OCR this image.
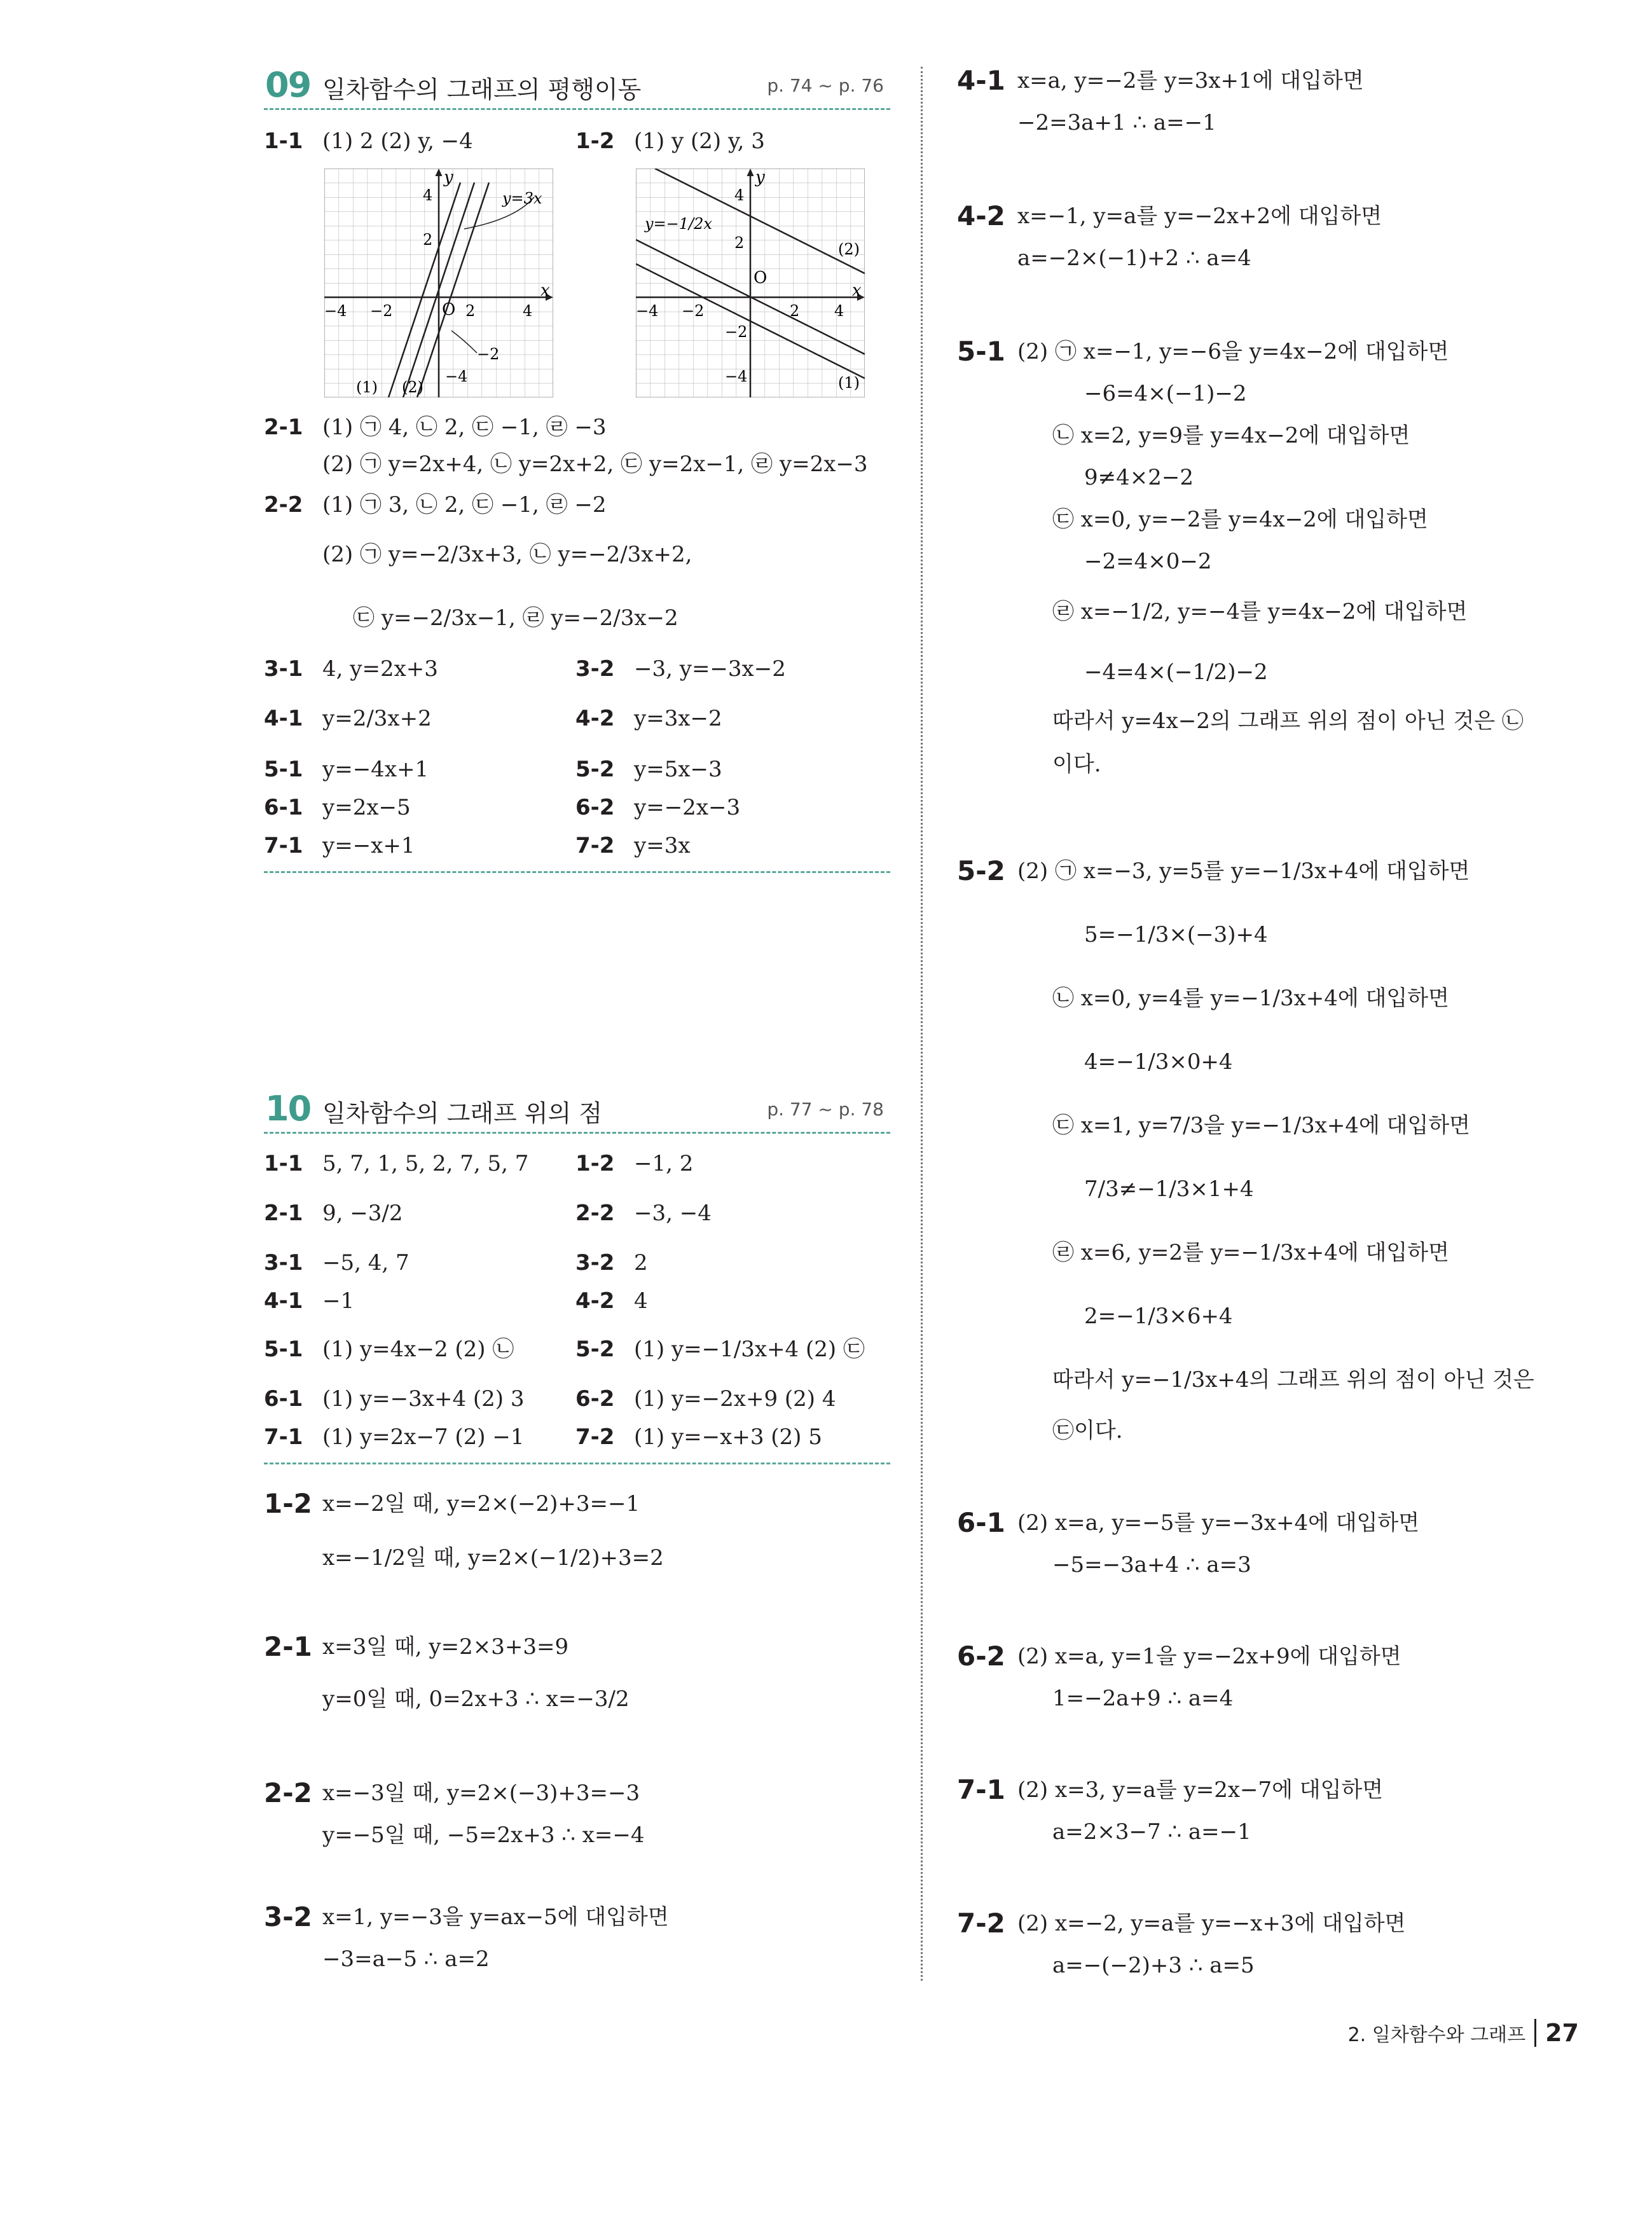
09 일차함수의 그래프의 평행이동	p. 74 ~ p. 76
1-1 (1) 2 (2) y, −4	1-2 (1) y (2) y, 3
y
x
O
y=3x
(1) (2)
−4 −2	2	4
4
2
−2
−4
y
x
O
y=−1/2x
(1)
(2)
−4 −2	2 4
4
2
−2
−4
2-1 (1) ㉠ 4, ㉡ 2, ㉢ −1, ㉣ −3
(2) ㉠ y=2x+4, ㉡ y=2x+2, ㉢ y=2x−1, ㉣ y=2x−3
2-2 (1) ㉠ 3, ㉡ 2, ㉢ −1, ㉣ −2
(2) ㉠ y=−2/3x+3, ㉡ y=−2/3x+2,
㉢ y=−2/3x−1, ㉣ y=−2/3x−2
3-1 4, y=2x+3	3-2 −3, y=−3x−2
4-1 y=2/3x+2	4-2 y=3x−2
5-1 y=−4x+1	5-2 y=5x−3
6-1 y=2x−5	6-2 y=−2x−3
7-1 y=−x+1	7-2 y=3x
10 일차함수의 그래프 위의 점	p. 77 ~ p. 78
1-1 5, 7, 1, 5, 2, 7, 5, 7 1-2 −1, 2
2-1 9, −3/2	2-2 −3, −4
3-1 −5, 4, 7	3-2 2
4-1 −1	4-2 4
5-1 (1) y=4x−2 (2) ㉡	5-2 (1) y=−1/3x+4 (2) ㉢
6-1 (1) y=−3x+4 (2) 3 6-2 (1) y=−2x+9 (2) 4
7-1 (1) y=2x−7 (2) −1 7-2 (1) y=−x+3 (2) 5
1-2 x=−2일 때, y=2×(−2)+3=−1
x=−1/2일 때, y=2×(−1/2)+3=2
2-1 x=3일 때, y=2×3+3=9
y=0일 때, 0=2x+3 ∴ x=−3/2
2-2 x=−3일 때, y=2×(−3)+3=−3
y=−5일 때, −5=2x+3 ∴ x=−4
3-2 x=1, y=−3을 y=ax−5에 대입하면
−3=a−5 ∴ a=2
4-1 x=a, y=−2를 y=3x+1에 대입하면
−2=3a+1 ∴ a=−1
4-2 x=−1, y=a를 y=−2x+2에 대입하면
a=−2×(−1)+2 ∴ a=4
5-1 (2) ㉠ x=−1, y=−6을 y=4x−2에 대입하면
−6=4×(−1)−2
㉡ x=2, y=9를 y=4x−2에 대입하면
9≠4×2−2
㉢ x=0, y=−2를 y=4x−2에 대입하면
−2=4×0−2
㉣ x=−1/2, y=−4를 y=4x−2에 대입하면
−4=4×(−1/2)−2
따라서 y=4x−2의 그래프 위의 점이 아닌 것은 ㉡
이다.
5-2 (2) ㉠ x=−3, y=5를 y=−1/3x+4에 대입하면
5=−1/3×(−3)+4
㉡ x=0, y=4를 y=−1/3x+4에 대입하면
4=−1/3×0+4
㉢ x=1, y=7/3을 y=−1/3x+4에 대입하면
7/3≠−1/3×1+4
㉣ x=6, y=2를 y=−1/3x+4에 대입하면
2=−1/3×6+4
따라서 y=−1/3x+4의 그래프 위의 점이 아닌 것은
㉢이다.
6-1 (2) x=a, y=−5를 y=−3x+4에 대입하면
−5=−3a+4 ∴ a=3
6-2 (2) x=a, y=1을 y=−2x+9에 대입하면
1=−2a+9 ∴ a=4
7-1 (2) x=3, y=a를 y=2x−7에 대입하면
a=2×3−7 ∴ a=−1
7-2 (2) x=−2, y=a를 y=−x+3에 대입하면
a=−(−2)+3 ∴ a=5
2. 일차함수와 그래프 27
